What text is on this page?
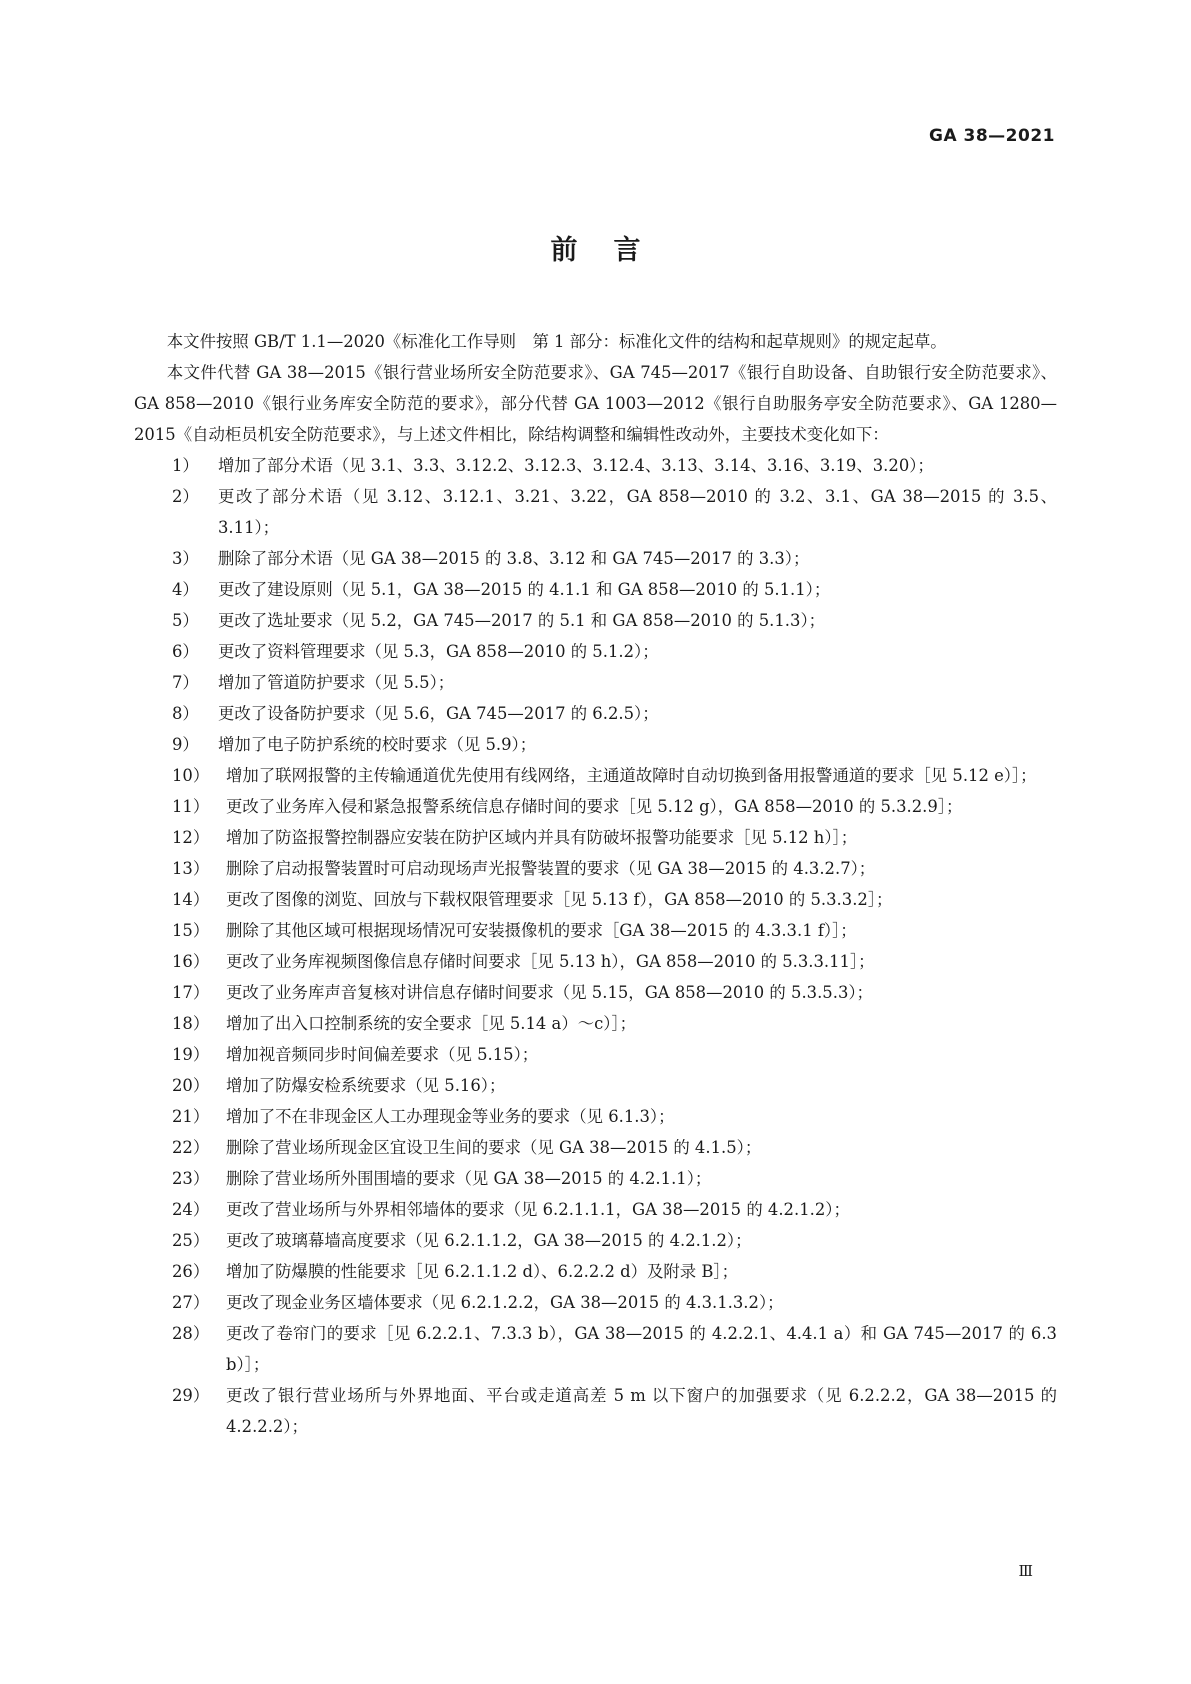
GA 38—2021
前言

本文件按照 GB/T 1.1—2020《标准化工作导则　第 1 部分：标准化文件的结构和起草规则》的规定起草。

本文件代替 GA 38—2015《银行营业场所安全防范要求》、GA 745—2017《银行自助设备、自助银行安全防范要求》、GA 858—2010《银行业务库安全防范的要求》，部分代替 GA 1003—2012《银行自助服务亭安全防范要求》、GA 1280—2015《自动柜员机安全防范要求》，与上述文件相比，除结构调整和编辑性改动外，主要技术变化如下：

1）	增加了部分术语（见 3.1、3.3、3.12.2、3.12.3、3.12.4、3.13、3.14、3.16、3.19、3.20）；
2）	更改了部分术语（见 3.12、3.12.1、3.21、3.22，GA 858—2010 的 3.2、3.1、GA 38—2015 的 3.5、3.11）；
3）	删除了部分术语（见 GA 38—2015 的 3.8、3.12 和 GA 745—2017 的 3.3）；
4）	更改了建设原则（见 5.1，GA 38—2015 的 4.1.1 和 GA 858—2010 的 5.1.1）；
5）	更改了选址要求（见 5.2，GA 745—2017 的 5.1 和 GA 858—2010 的 5.1.3）；
6）	更改了资料管理要求（见 5.3，GA 858—2010 的 5.1.2）；
7）	增加了管道防护要求（见 5.5）；
8）	更改了设备防护要求（见 5.6，GA 745—2017 的 6.2.5）；
9）	增加了电子防护系统的校时要求（见 5.9）；
10）	增加了联网报警的主传输通道优先使用有线网络，主通道故障时自动切换到备用报警通道的要求［见 5.12 e）］；
11）	更改了业务库入侵和紧急报警系统信息存储时间的要求［见 5.12 g），GA 858—2010 的 5.3.2.9］；
12）	增加了防盗报警控制器应安装在防护区域内并具有防破坏报警功能要求［见 5.12 h）］；
13）	删除了启动报警装置时可启动现场声光报警装置的要求（见 GA 38—2015 的 4.3.2.7）；
14）	更改了图像的浏览、回放与下载权限管理要求［见 5.13 f），GA 858—2010 的 5.3.3.2］；
15）	删除了其他区域可根据现场情况可安装摄像机的要求［GA 38—2015 的 4.3.3.1 f）］；
16）	更改了业务库视频图像信息存储时间要求［见 5.13 h），GA 858—2010 的 5.3.3.11］；
17）	更改了业务库声音复核对讲信息存储时间要求（见 5.15，GA 858—2010 的 5.3.5.3）；
18）	增加了出入口控制系统的安全要求［见 5.14 a）～c）］；
19）	增加视音频同步时间偏差要求（见 5.15）；
20）	增加了防爆安检系统要求（见 5.16）；
21）	增加了不在非现金区人工办理现金等业务的要求（见 6.1.3）；
22）	删除了营业场所现金区宜设卫生间的要求（见 GA 38—2015 的 4.1.5）；
23）	删除了营业场所外围围墙的要求（见 GA 38—2015 的 4.2.1.1）；
24）	更改了营业场所与外界相邻墙体的要求（见 6.2.1.1.1，GA 38—2015 的 4.2.1.2）；
25）	更改了玻璃幕墙高度要求（见 6.2.1.1.2，GA 38—2015 的 4.2.1.2）；
26）	增加了防爆膜的性能要求［见 6.2.1.1.2 d）、6.2.2.2 d）及附录 B］；
27）	更改了现金业务区墙体要求（见 6.2.1.2.2，GA 38—2015 的 4.3.1.3.2）；
28）	更改了卷帘门的要求［见 6.2.2.1、7.3.3 b），GA 38—2015 的 4.2.2.1、4.4.1 a）和 GA 745—2017 的 6.3 b）］；
29）	更改了银行营业场所与外界地面、平台或走道高差 5 m 以下窗户的加强要求（见 6.2.2.2，GA 38—2015 的 4.2.2.2）；
Ⅲ
